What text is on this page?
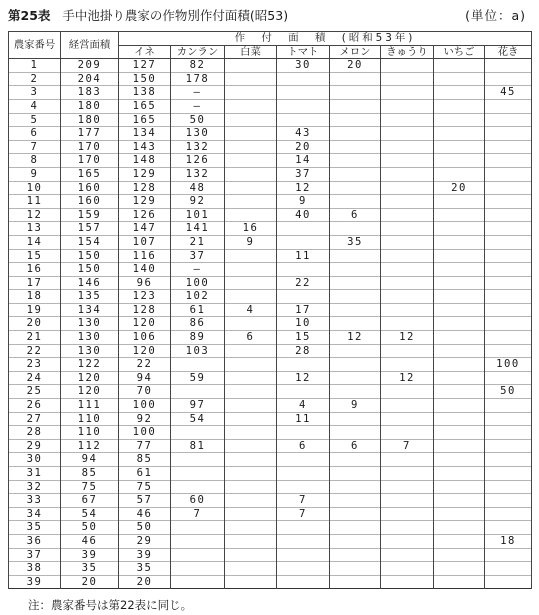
第25表 手中池掛り農家の作物別作付面積(昭53)	(単位：a)
農家番号	経営面積	作　付　面　積　(昭和53年)							
		イネ	カンラン	白菜	トマト	メロン	きゅうり	いちご	花き
1	209	127	82		30	20			
2	204	150	178						
3	183	138	—						45
4	180	165	—						
5	180	165	50						
6	177	134	130		43				
7	170	143	132		20				
8	170	148	126		14				
9	165	129	132		37				
10	160	128	48		12			20	
11	160	129	92		9				
12	159	126	101		40	6			
13	157	147	141	16					
14	154	107	21	9		35			
15	150	116	37		11				
16	150	140	—						
17	146	96	100		22				
18	135	123	102						
19	134	128	61	4	17				
20	130	120	86		10				
21	130	106	89	6	15	12	12		
22	130	120	103		28				
23	122	22							100
24	120	94	59		12		12		
25	120	70							50
26	111	100	97		4	9			
27	110	92	54		11				
28	110	100							
29	112	77	81		6	6	7		
30	94	85							
31	85	61							
32	75	75							
33	67	57	60		7				
34	54	46	7		7				
35	50	50							
36	46	29							18
37	39	39							
38	35	35							
39	20	20							
注：農家番号は第22表に同じ。
